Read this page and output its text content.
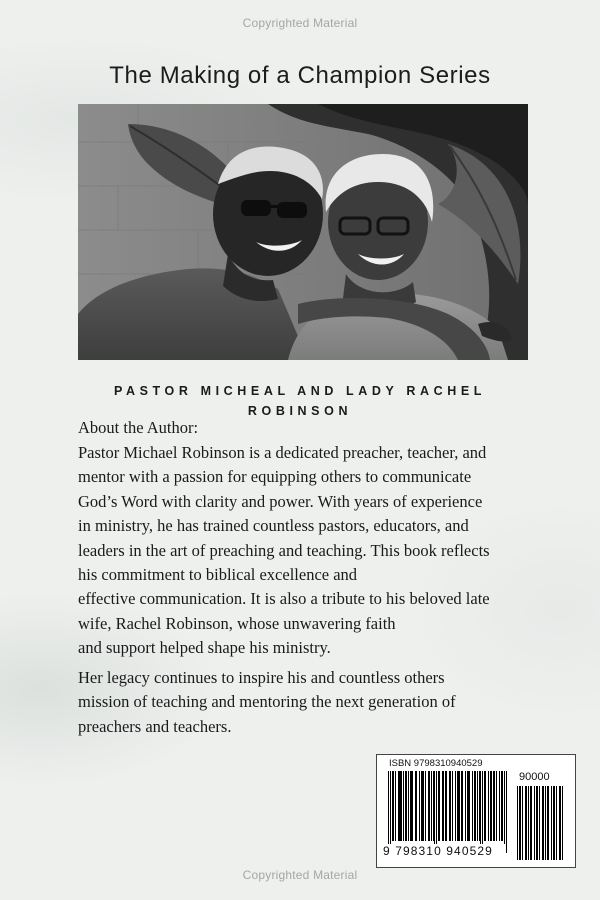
Copyrighted Material
The Making of a Champion Series
PASTOR MICHEAL AND LADY RACHEL ROBINSON
About the Author:
Pastor Michael Robinson is a dedicated preacher, teacher, and
mentor with a passion for equipping others to communicate
God’s Word with clarity and power. With years of experience
in ministry, he has trained countless pastors, educators, and
leaders in the art of preaching and teaching. This book reflects
his commitment to biblical excellence and
effective communication. It is also a tribute to his beloved late
wife, Rachel Robinson, whose unwavering faith
and support helped shape his ministry.
Her legacy continues to inspire his and countless others
mission of teaching and mentoring the next generation of
preachers and teachers.
ISBN 9798310940529
90000
9 798310 940529
Copyrighted Material
